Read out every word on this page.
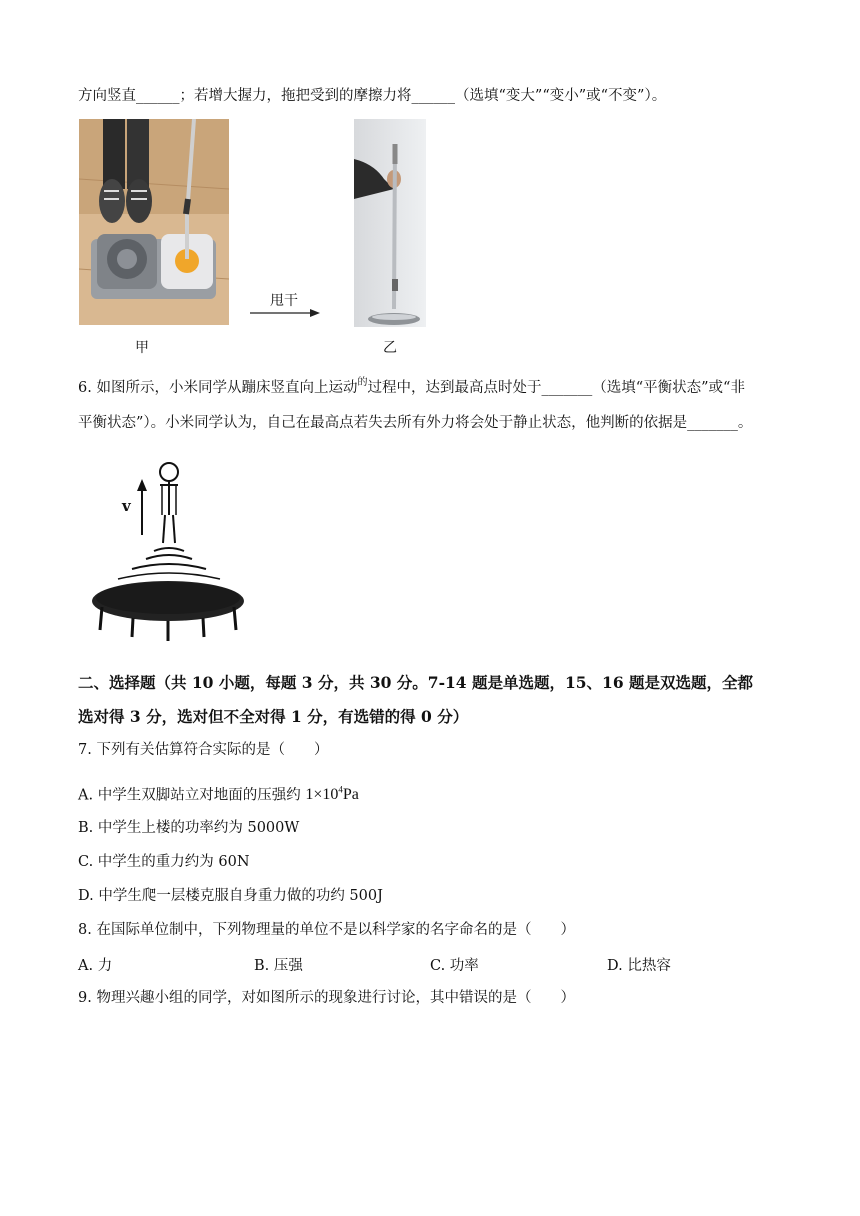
方向竖直______；若增大握力，拖把受到的摩擦力将______（选填“变大”“变小”或“不变”）。
甩干
甲	乙
6. 如图所示，小米同学从蹦床竖直向上运动$^的$过程中，达到最高点时处于_______（选填“平衡状态”或“非
平衡状态”）。小米同学认为，自己在最高点若失去所有外力将会处于静止状态，他判断的依据是_______。
v
二、选择题（共 10 小题，每题 3 分，共 30 分。7-14 题是单选题，15、16 题是双选题，全都
选对得 3 分，选对但不全对得 1 分，有选错的得 0 分）
7. 下列有关估算符合实际的是（　　）
A. 中学生双脚站立对地面的压强约 $1\times 10^4Pa$
B. 中学生上楼的功率约为 5000W
C. 中学生的重力约为 60N
D. 中学生爬一层楼克服自身重力做的功约 500J
8. 在国际单位制中，下列物理量的单位不是以科学家的名字命名的是（　　）
A. 力	B. 压强	C. 功率	D. 比热容
9. 物理兴趣小组的同学，对如图所示的现象进行讨论，其中错误的是（　　）
